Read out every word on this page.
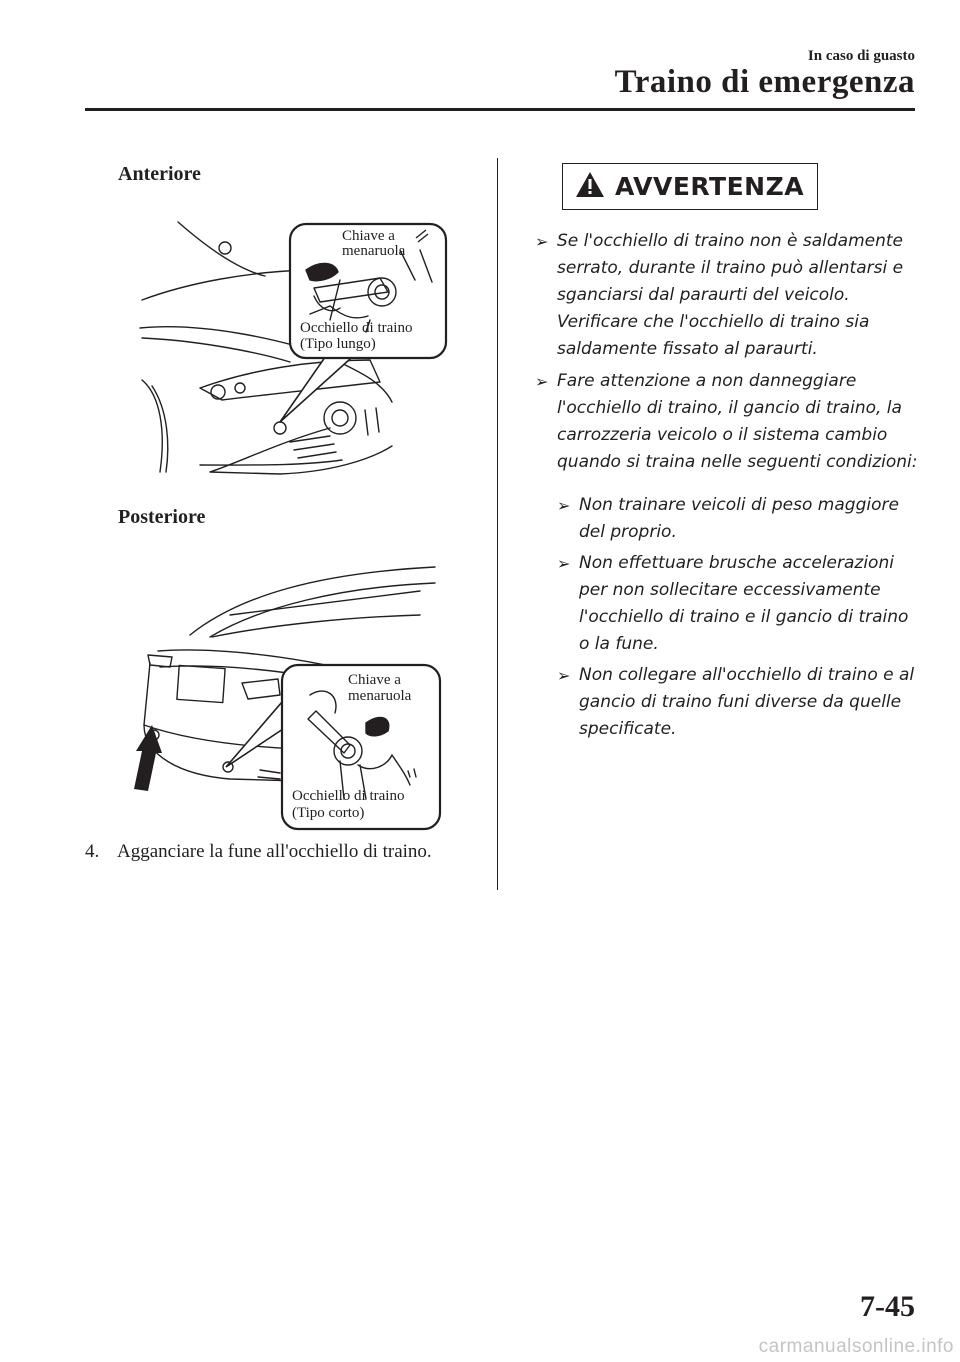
In caso di guasto
Traino di emergenza
Anteriore
Chiave a
menaruola
Occhiello di traino
(Tipo lungo)
Posteriore
Chiave a
menaruola
Occhiello di traino
(Tipo corto)
4. Agganciare la fune all'occhiello di traino.
AVVERTENZA
➢ Se l'occhiello di traino non è saldamente serrato, durante il traino può allentarsi e sganciarsi dal paraurti del veicolo. Verificare che l'occhiello di traino sia saldamente fissato al paraurti.
➢ Fare attenzione a non danneggiare l'occhiello di traino, il gancio di traino, la carrozzeria veicolo o il sistema cambio quando si traina nelle seguenti condizioni:
➢ Non trainare veicoli di peso maggiore del proprio.
➢ Non effettuare brusche accelerazioni per non sollecitare eccessivamente l'occhiello di traino e il gancio di traino o la fune.
➢ Non collegare all'occhiello di traino e al gancio di traino funi diverse da quelle specificate.
7-45
carmanualsonline.info
